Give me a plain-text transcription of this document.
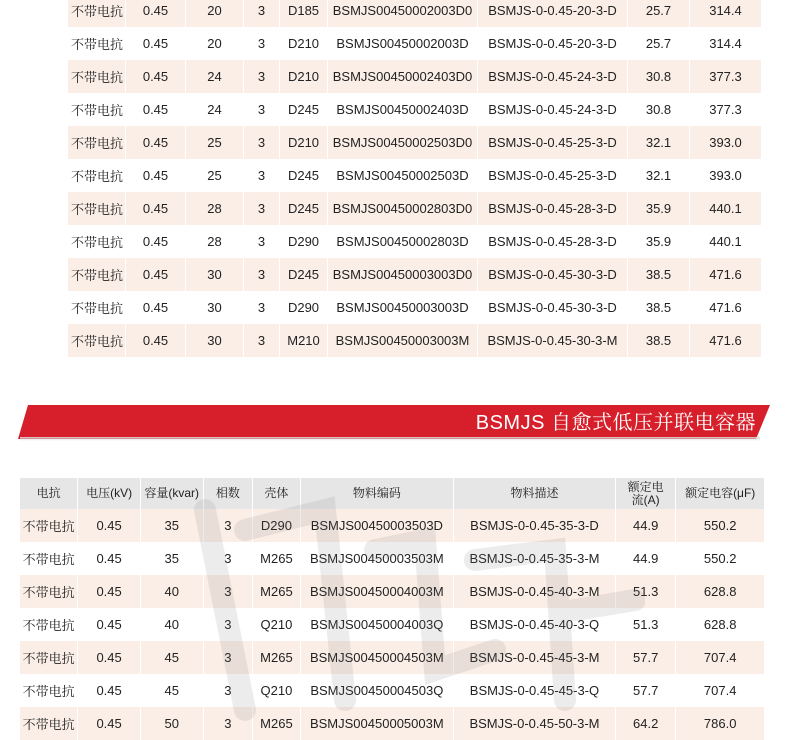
不带电抗	0.45	20	3	D185	BSMJS00450002003D0	BSMJS-0-0.45-20-3-D	25.7	314.4
不带电抗	0.45	20	3	D210	BSMJS00450002003D	BSMJS-0-0.45-20-3-D	25.7	314.4
不带电抗	0.45	24	3	D210	BSMJS00450002403D0	BSMJS-0-0.45-24-3-D	30.8	377.3
不带电抗	0.45	24	3	D245	BSMJS00450002403D	BSMJS-0-0.45-24-3-D	30.8	377.3
不带电抗	0.45	25	3	D210	BSMJS00450002503D0	BSMJS-0-0.45-25-3-D	32.1	393.0
不带电抗	0.45	25	3	D245	BSMJS00450002503D	BSMJS-0-0.45-25-3-D	32.1	393.0
不带电抗	0.45	28	3	D245	BSMJS00450002803D0	BSMJS-0-0.45-28-3-D	35.9	440.1
不带电抗	0.45	28	3	D290	BSMJS00450002803D	BSMJS-0-0.45-28-3-D	35.9	440.1
不带电抗	0.45	30	3	D245	BSMJS00450003003D0	BSMJS-0-0.45-30-3-D	38.5	471.6
不带电抗	0.45	30	3	D290	BSMJS00450003003D	BSMJS-0-0.45-30-3-D	38.5	471.6
不带电抗	0.45	30	3	M210	BSMJS00450003003M	BSMJS-0-0.45-30-3-M	38.5	471.6
BSMJS 自愈式低压并联电容器
电抗	电压(kV)	容量(kvar)	相数	壳体	物料编码	物料描述	额定电流(A)	额定电容(μF)
不带电抗	0.45	35	3	D290	BSMJS00450003503D	BSMJS-0-0.45-35-3-D	44.9	550.2
不带电抗	0.45	35	3	M265	BSMJS00450003503M	BSMJS-0-0.45-35-3-M	44.9	550.2
不带电抗	0.45	40	3	M265	BSMJS00450004003M	BSMJS-0-0.45-40-3-M	51.3	628.8
不带电抗	0.45	40	3	Q210	BSMJS00450004003Q	BSMJS-0-0.45-40-3-Q	51.3	628.8
不带电抗	0.45	45	3	M265	BSMJS00450004503M	BSMJS-0-0.45-45-3-M	57.7	707.4
不带电抗	0.45	45	3	Q210	BSMJS00450004503Q	BSMJS-0-0.45-45-3-Q	57.7	707.4
不带电抗	0.45	50	3	M265	BSMJS00450005003M	BSMJS-0-0.45-50-3-M	64.2	786.0
